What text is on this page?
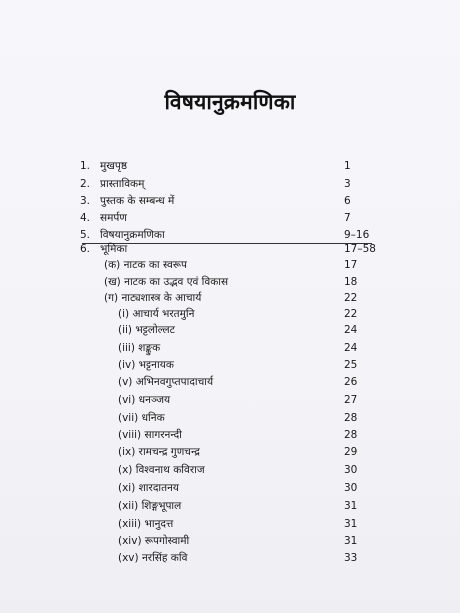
विषयानुक्रमणिका
1. मुखपृष्ठ	1
2. प्रास्ताविकम्	3
3. पुस्तक के सम्बन्ध में	6
4. समर्पण	7
5. विषयानुक्रमणिका	9–16
6. भूमिका	17–58
(क) नाटक का स्वरूप	17
(ख) नाटक का उद्भव एवं विकास	18
(ग) नाट्यशास्त्र के आचार्य	22
(i) आचार्य भरतमुनि	22
(ii) भट्टलोल्लट	24
(iii) शङ्कुक	24
(iv) भट्टनायक	25
(v) अभिनवगुप्तपादाचार्य	26
(vi) धनञ्जय	27
(vii) धनिक	28
(viii) सागरनन्दी	28
(ix) रामचन्द्र गुणचन्द्र	29
(x) विश्वनाथ कविराज	30
(xi) शारदातनय	30
(xii) शिङ्गभूपाल	31
(xiii) भानुदत्त	31
(xiv) रूपगोस्वामी	31
(xv) नरसिंह कवि	33
